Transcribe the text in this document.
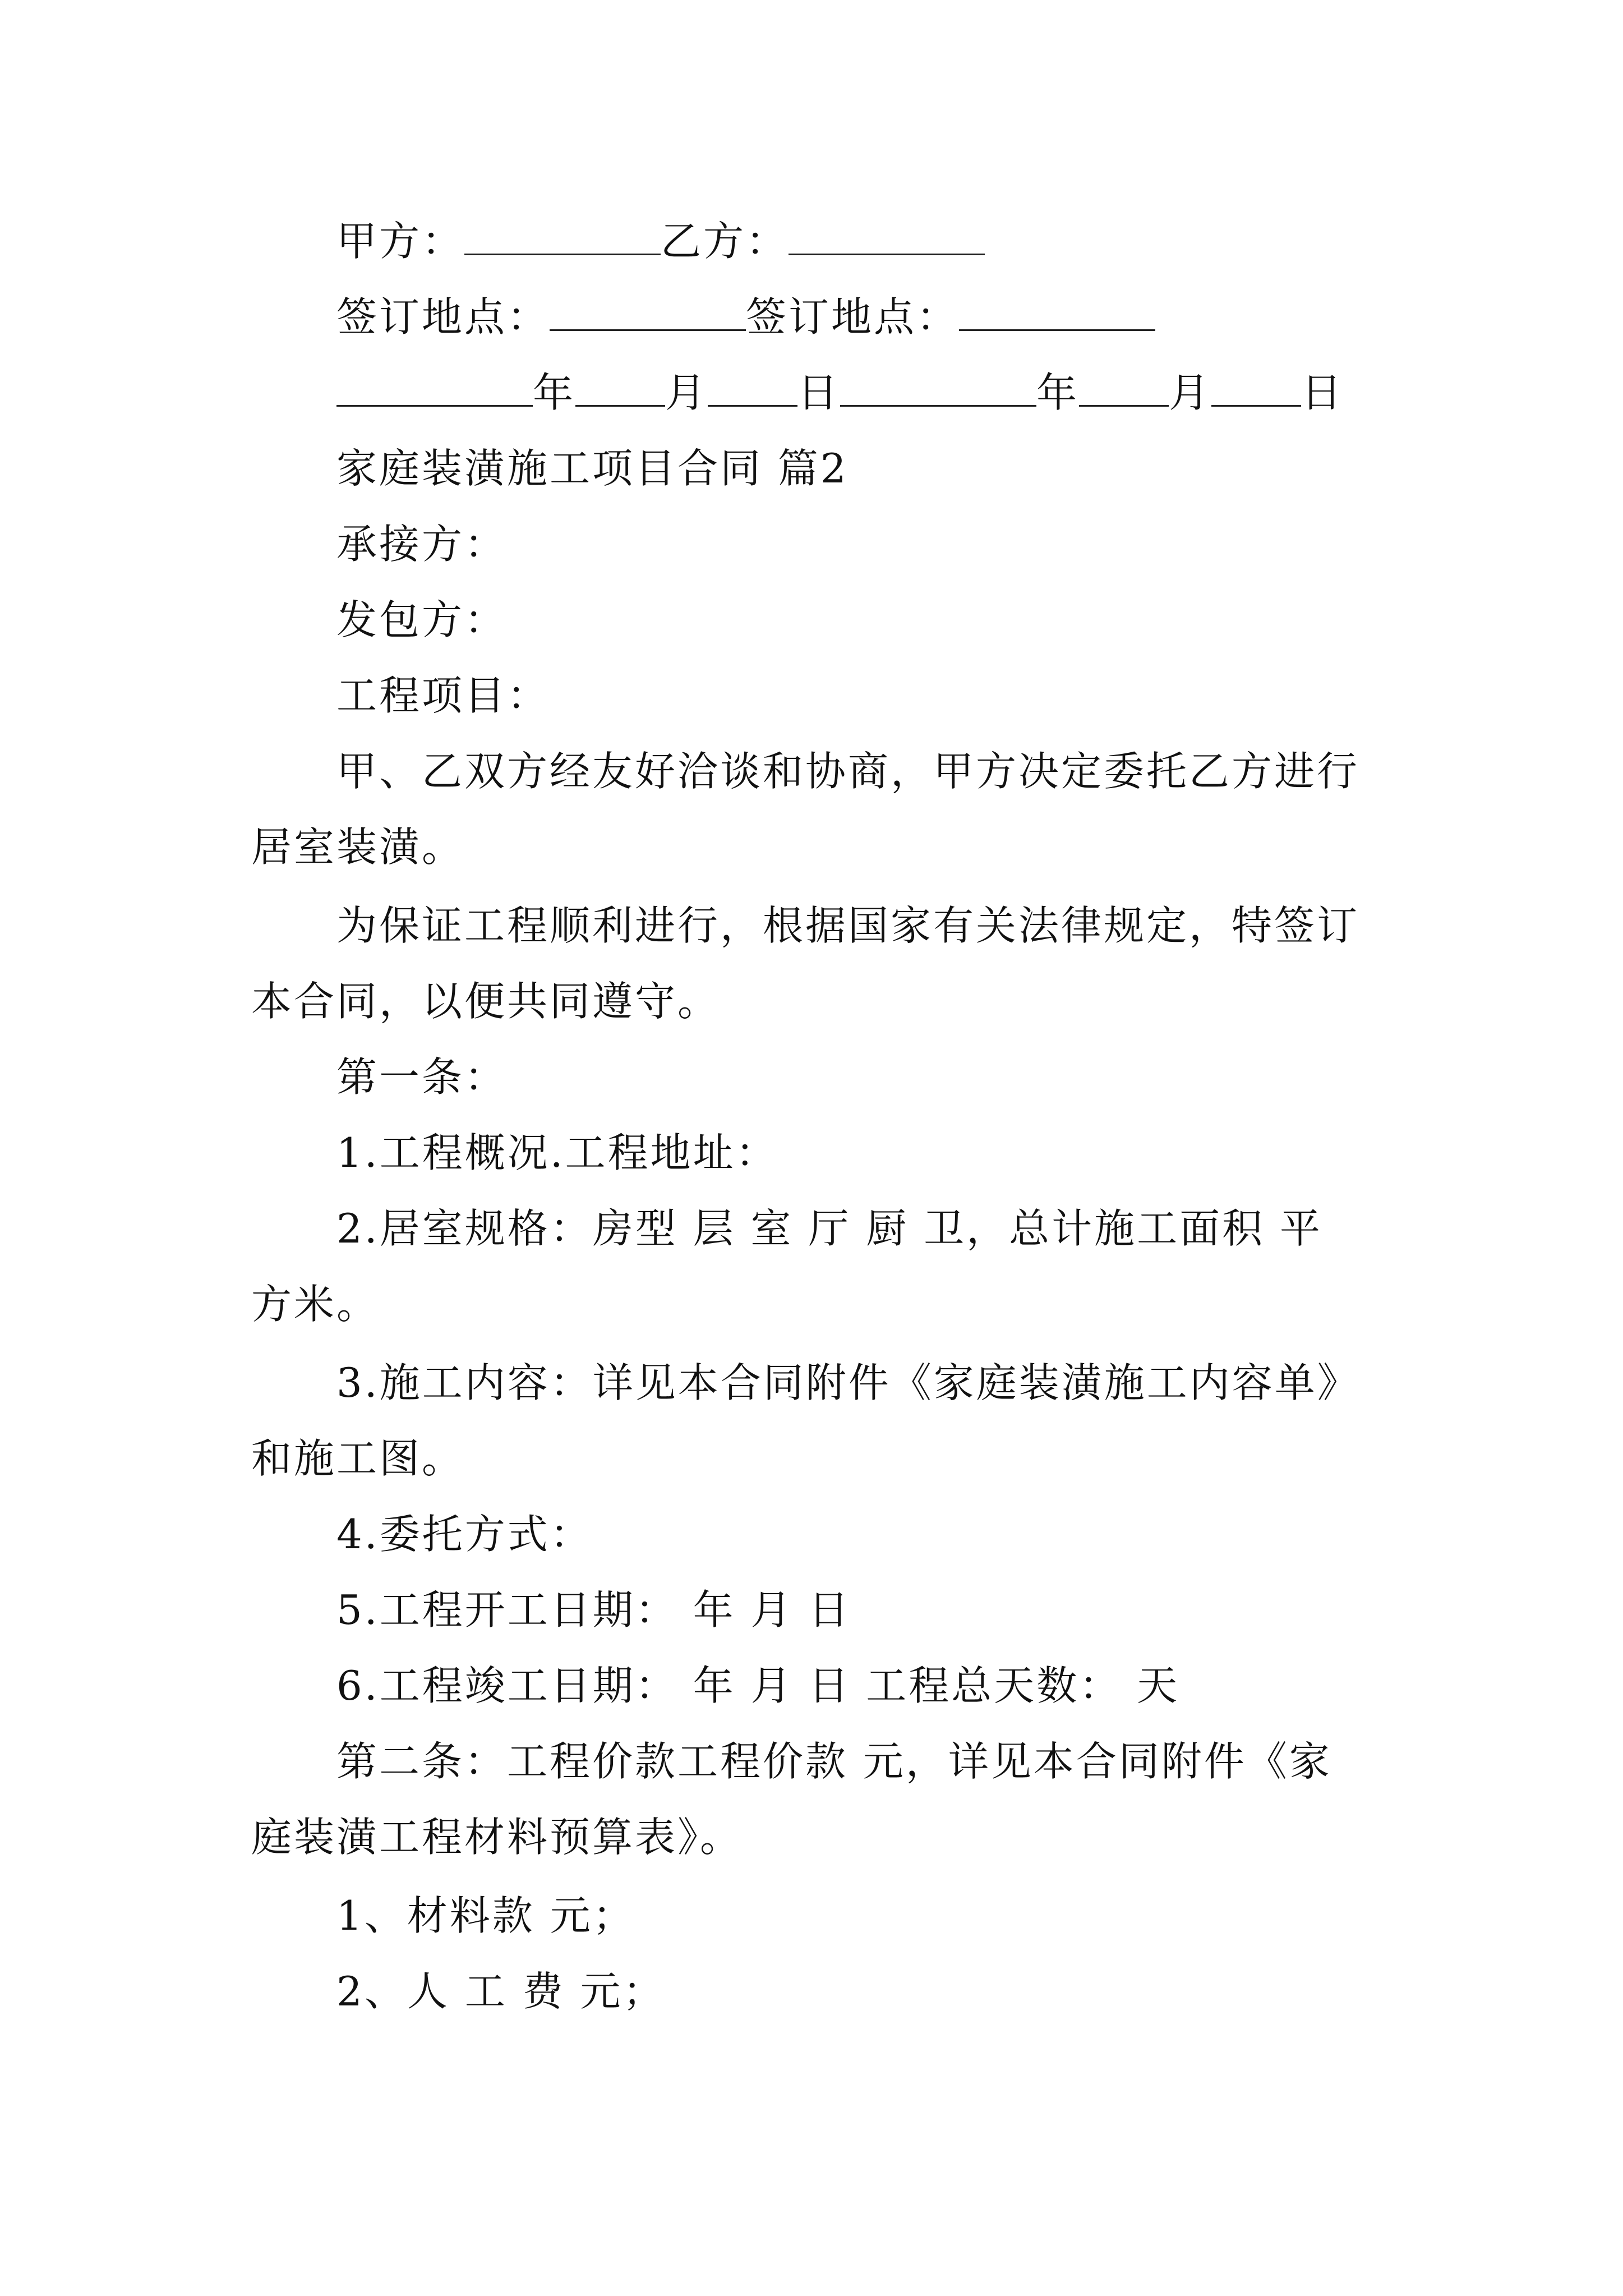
甲方：	乙方：
签订地点：	签订地点：
年 月 日	年 月 日
家庭装潢施工项目合同 篇2
承接方：
发包方：
工程项目：
甲、乙双方经友好洽谈和协商，甲方决定委托乙方进行
居室装潢。
为保证工程顺利进行，根据国家有关法律规定，特签订
本合同，以便共同遵守。
第一条：
1.工程概况.工程地址：
2.居室规格：房型 层 室 厅 厨 卫，总计施工面积 平
方米。
3.施工内容：详见本合同附件《家庭装潢施工内容单》
和施工图。
4.委托方式：
5.工程开工日期： 年 月 日
6.工程竣工日期： 年 月 日 工程总天数： 天
第二条：工程价款工程价款 元，详见本合同附件《家
庭装潢工程材料预算表》。
1、材料款 元；
2、人 工 费 元；
